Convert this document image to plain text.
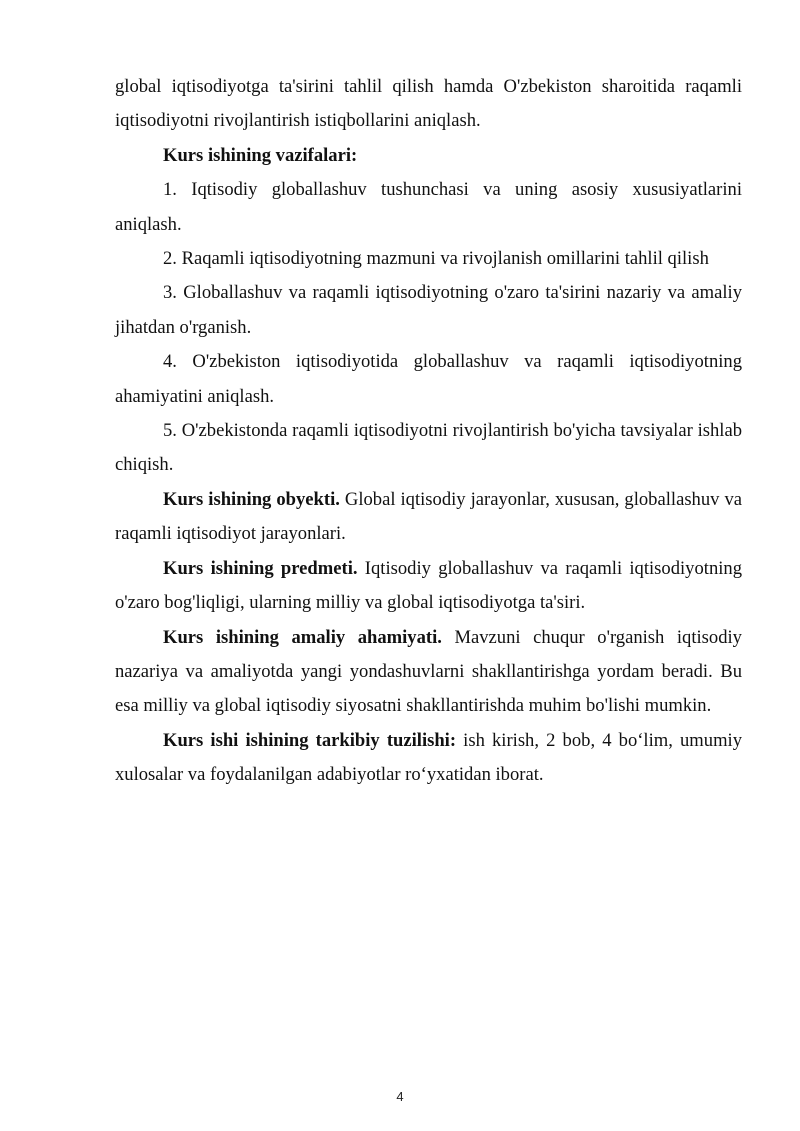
global iqtisodiyotga ta'sirini tahlil qilish hamda O'zbekiston sharoitida raqamli iqtisodiyotni rivojlantirish istiqbollarini aniqlash.

Kurs ishining vazifalari:

1. Iqtisodiy globallashuv tushunchasi va uning asosiy xususiyatlarini aniqlash.

2. Raqamli iqtisodiyotning mazmuni va rivojlanish omillarini tahlil qilish

3. Globallashuv va raqamli iqtisodiyotning o'zaro ta'sirini nazariy va amaliy jihatdan o'rganish.

4. O'zbekiston iqtisodiyotida globallashuv va raqamli iqtisodiyotning ahamiyatini aniqlash.

5. O'zbekistonda raqamli iqtisodiyotni rivojlantirish bo'yicha tavsiyalar ishlab chiqish.

Kurs ishining obyekti. Global iqtisodiy jarayonlar, xususan, globallashuv va raqamli iqtisodiyot jarayonlari.

Kurs ishining predmeti. Iqtisodiy globallashuv va raqamli iqtisodiyotning o'zaro bog'liqligi, ularning milliy va global iqtisodiyotga ta'siri.

Kurs ishining amaliy ahamiyati. Mavzuni chuqur o'rganish iqtisodiy nazariya va amaliyotda yangi yondashuvlarni shakllantirishga yordam beradi. Bu esa milliy va global iqtisodiy siyosatni shakllantirishda muhim bo'lishi mumkin.

Kurs ishi ishining tarkibiy tuzilishi: ish kirish, 2 bob, 4 bo‘lim, umumiy xulosalar va foydalanilgan adabiyotlar ro‘yxatidan iborat.

4
